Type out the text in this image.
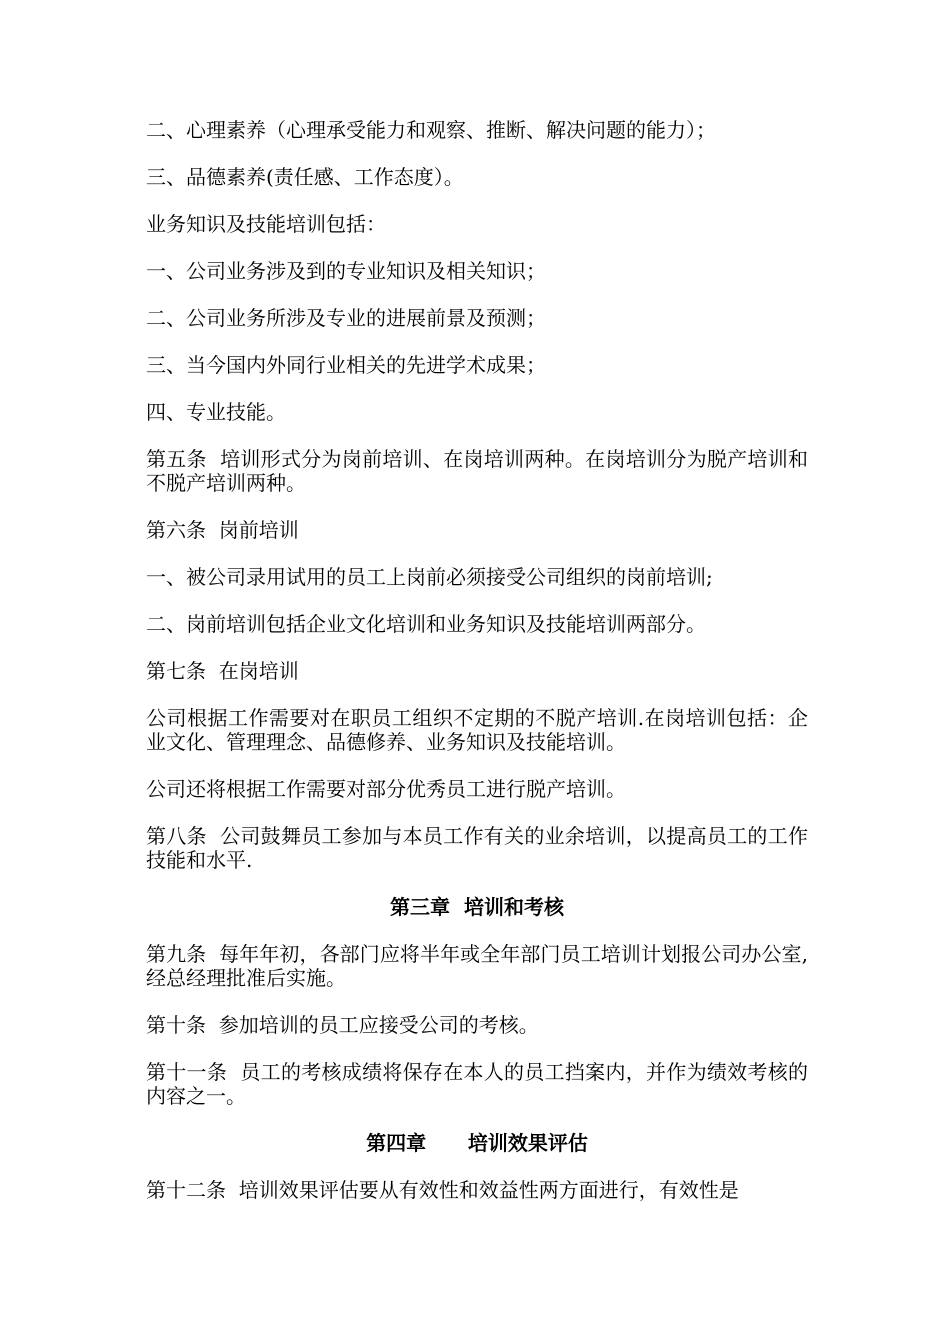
二、心理素养（心理承受能力和观察、推断、解决问题的能力）；
三、品德素养(责任感、工作态度）。
业务知识及技能培训包括：
一、公司业务涉及到的专业知识及相关知识；
二、公司业务所涉及专业的进展前景及预测；
三、当今国内外同行业相关的先进学术成果；
四、专业技能。
第五条  培训形式分为岗前培训、在岗培训两种。在岗培训分为脱产培训和不脱产培训两种。
第六条  岗前培训
一、被公司录用试用的员工上岗前必须接受公司组织的岗前培训;
二、岗前培训包括企业文化培训和业务知识及技能培训两部分。
第七条  在岗培训
公司根据工作需要对在职员工组织不定期的不脱产培训.在岗培训包括：企业文化、管理理念、品德修养、业务知识及技能培训。
公司还将根据工作需要对部分优秀员工进行脱产培训。
第八条  公司鼓舞员工参加与本员工作有关的业余培训，以提高员工的工作技能和水平.
第三章  培训和考核
第九条  每年年初，各部门应将半年或全年部门员工培训计划报公司办公室,经总经理批准后实施。
第十条  参加培训的员工应接受公司的考核。
第十一条  员工的考核成绩将保存在本人的员工挡案内，并作为绩效考核的内容之一。
第四章      培训效果评估
第十二条  培训效果评估要从有效性和效益性两方面进行，有效性是
